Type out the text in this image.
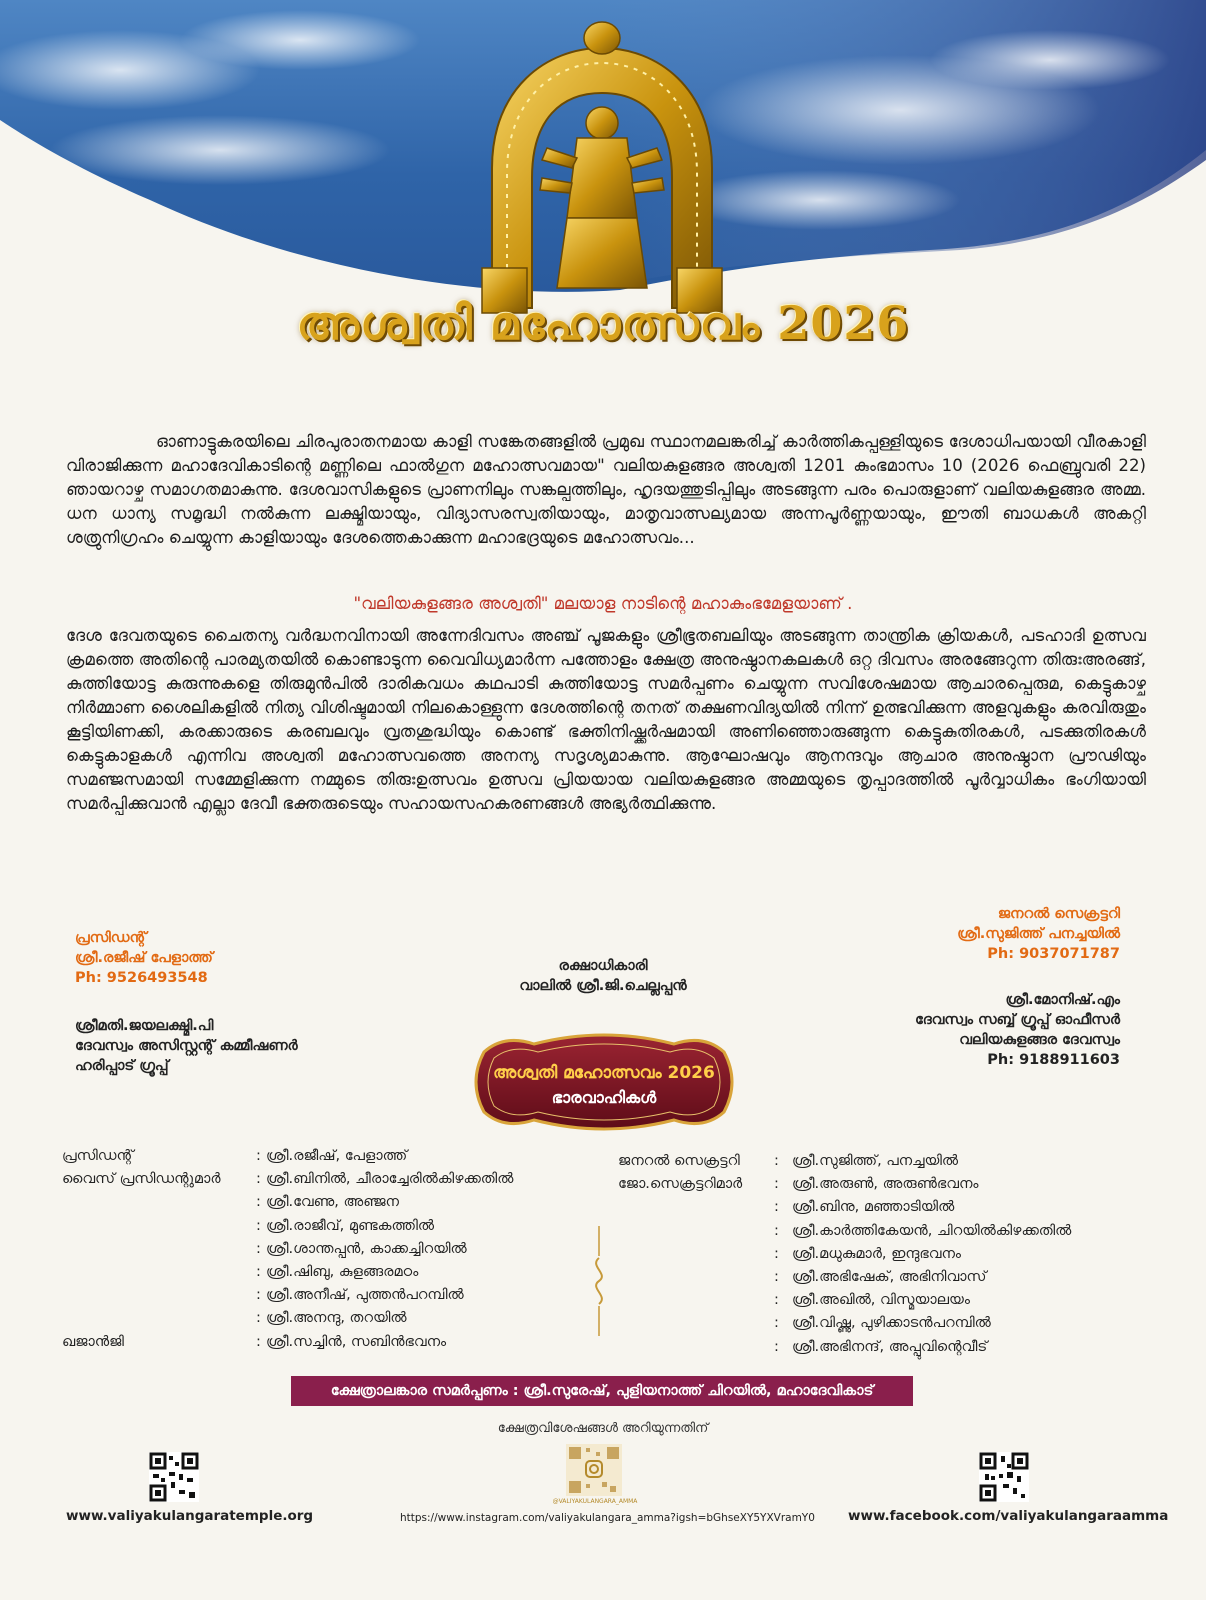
അശ്വതി മഹോത്സവം 2026
ഓണാട്ടുകരയിലെ ചിരപുരാതനമായ കാളി സങ്കേതങ്ങളിൽ പ്രമുഖ സ്ഥാനമലങ്കരിച്ച് കാർത്തികപ്പള്ളിയുടെ ദേശാധിപയായി വീരകാളി വിരാജിക്കുന്ന മഹാദേവികാടിന്റെ മണ്ണിലെ ഫാൽഗുന മഹോത്സവമായ" വലിയകുളങ്ങര അശ്വതി 1201 കുംഭമാസം 10 (2026 ഫെബ്രുവരി 22) ഞായറാഴ്ച സമാഗതമാകുന്നു. ദേശവാസികളുടെ പ്രാണനിലും സങ്കല്പത്തിലും, ഹൃദയത്തുടിപ്പിലും അടങ്ങുന്ന പരം പൊരുളാണ് വലിയകുളങ്ങര അമ്മ. ധന ധാന്യ സമൃദ്ധി നൽകുന്ന ലക്ഷ്മിയായും, വിദ്യാസരസ്വതിയായും, മാതൃവാത്സല്യമായ അന്നപൂർണ്ണയായും, ഈതി ബാധകൾ അകറ്റി ശത്രുനിഗ്രഹം ചെയ്യുന്ന കാളിയായും ദേശത്തെകാക്കുന്ന മഹാഭദ്രയുടെ മഹോത്സവം...
"വലിയകുളങ്ങര അശ്വതി" മലയാള നാടിന്റെ മഹാകുംഭമേളയാണ് .
ദേശ ദേവതയുടെ ചൈതന്യ വർദ്ധനവിനായി അന്നേദിവസം അഞ്ച് പൂജകളും ശ്രീഭൂതബലിയും അടങ്ങുന്ന താന്ത്രിക ക്രിയകൾ, പടഹാദി ഉത്സവ ക്രമത്തെ അതിന്റെ പാരമ്യതയിൽ കൊണ്ടാടുന്ന വൈവിധ്യമാർന്ന പത്തോളം ക്ഷേത്ര അനുഷ്ഠാനകലകൾ ഒറ്റ ദിവസം അരങ്ങേറുന്ന തിരുഃഅരങ്ങ്, കുത്തിയോട്ട കുരുന്നുകളെ തിരുമുൻപിൽ ദാരികവധം കഥപാടി കുത്തിയോട്ട സമർപ്പണം ചെയ്യുന്ന സവിശേഷമായ ആചാരപ്പെരുമ, കെട്ടുകാഴ്ച നിർമ്മാണ ശൈലികളിൽ നിത്യ വിശിഷ്ടമായി നിലകൊള്ളുന്ന ദേശത്തിന്റെ തനത് തക്ഷണവിദ്യയിൽ നിന്ന് ഉത്ഭവിക്കുന്ന അളവുകളും കരവിരുതും കൂട്ടിയിണക്കി, കരക്കാരുടെ കരബലവും വ്രതശുദ്ധിയും കൊണ്ട് ഭക്തിനിഷ്ക്കർഷമായി അണിഞ്ഞൊരുങ്ങുന്ന കെട്ടുകുതിരകൾ, പടക്കുതിരകൾ കെട്ടുകാളകൾ എന്നിവ അശ്വതി മഹോത്സവത്തെ അനന്യ സദൃശ്യമാകുന്നു. ആഘോഷവും ആനന്ദവും ആചാര അനുഷ്ഠാന പ്രൗഢിയും സമഞ്ജസമായി സമ്മേളിക്കുന്ന നമ്മുടെ തിരുഃഉത്സവം ഉത്സവ പ്രിയയായ വലിയകുളങ്ങര അമ്മയുടെ തൃപ്പാദത്തിൽ പൂർവ്വാധികം ഭംഗിയായി സമർപ്പിക്കുവാൻ എല്ലാ ദേവീ ഭക്തരുടെയും സഹായസഹകരണങ്ങൾ അഭ്യർത്ഥിക്കുന്നു.
പ്രസിഡന്റ്
ശ്രീ.രജീഷ് പേളാത്ത്
Ph: 9526493548
രക്ഷാധികാരി
വാലിൽ ശ്രീ.ജി.ചെല്ലപ്പൻ
ജനറൽ സെക്രട്ടറി
ശ്രീ.സുജിത്ത് പനച്ചയിൽ
Ph: 9037071787
ശ്രീമതി.ജയലക്ഷ്മി.പി
ദേവസ്വം അസിസ്റ്റന്റ് കമ്മീഷണർ
ഹരിപ്പാട് ഗ്രൂപ്പ്
ശ്രീ.മോനിഷ്.എം
ദേവസ്വം സബ്ബ് ഗ്രൂപ്പ് ഓഫീസർ
വലിയകുളങ്ങര ദേവസ്വം
Ph: 9188911603
അശ്വതി മഹോത്സവം 2026
ഭാരവാഹികൾ
പ്രസിഡന്റ്
വൈസ് പ്രസിഡന്റുമാർ
ഖജാൻജി
:
:
:
:
:
:
:
:
:
ശ്രീ.രജീഷ്, പേളാത്ത്
ശ്രീ.ബിനിൽ, ചീരാച്ചേരിൽകിഴക്കതിൽ
ശ്രീ.വേണു, അഞ്ജന
ശ്രീ.രാജീവ്, മുണ്ടകത്തിൽ
ശ്രീ.ശാന്തപ്പൻ, കാക്കച്ചിറയിൽ
ശ്രീ.ഷിബു, കുളങ്ങരമഠം
ശ്രീ.അനീഷ്, പുത്തൻപറമ്പിൽ
ശ്രീ.അനന്ദു, തറയിൽ
ശ്രീ.സച്ചിൻ, സബിൻഭവനം
ജനറൽ സെക്രട്ടറി
ജോ.സെക്രട്ടറിമാർ
:
:
:
:
:
:
:
:
:
ശ്രീ.സുജിത്ത്, പനച്ചയിൽ
ശ്രീ.അരുൺ, അരുൺഭവനം
ശ്രീ.ബിനു, മഞ്ഞാടിയിൽ
ശ്രീ.കാർത്തികേയൻ, ചിറയിൽകിഴക്കതിൽ
ശ്രീ.മധുകുമാർ, ഇന്ദുഭവനം
ശ്രീ.അഭിഷേക്, അഭിനിവാസ്
ശ്രീ.അഖിൽ, വിസ്മയാലയം
ശ്രീ.വിഷ്ണു, പുഴിക്കാടൻപറമ്പിൽ
ശ്രീ.അഭിനന്ദ്, അപ്പുവിന്റെവീട്
ക്ഷേത്രാലങ്കാര സമർപ്പണം : ശ്രീ.സുരേഷ്, പുളിയനാത്ത് ചിറയിൽ, മഹാദേവികാട്
ക്ഷേത്രവിശേഷങ്ങൾ അറിയുന്നതിന്
@VALIYAKULANGARA_AMMA
www.valiyakulangaratemple.org	https://www.instagram.com/valiyakulangara_amma?igsh=bGhseXY5YXVramY0 www.facebook.com/valiyakulangaraamma
